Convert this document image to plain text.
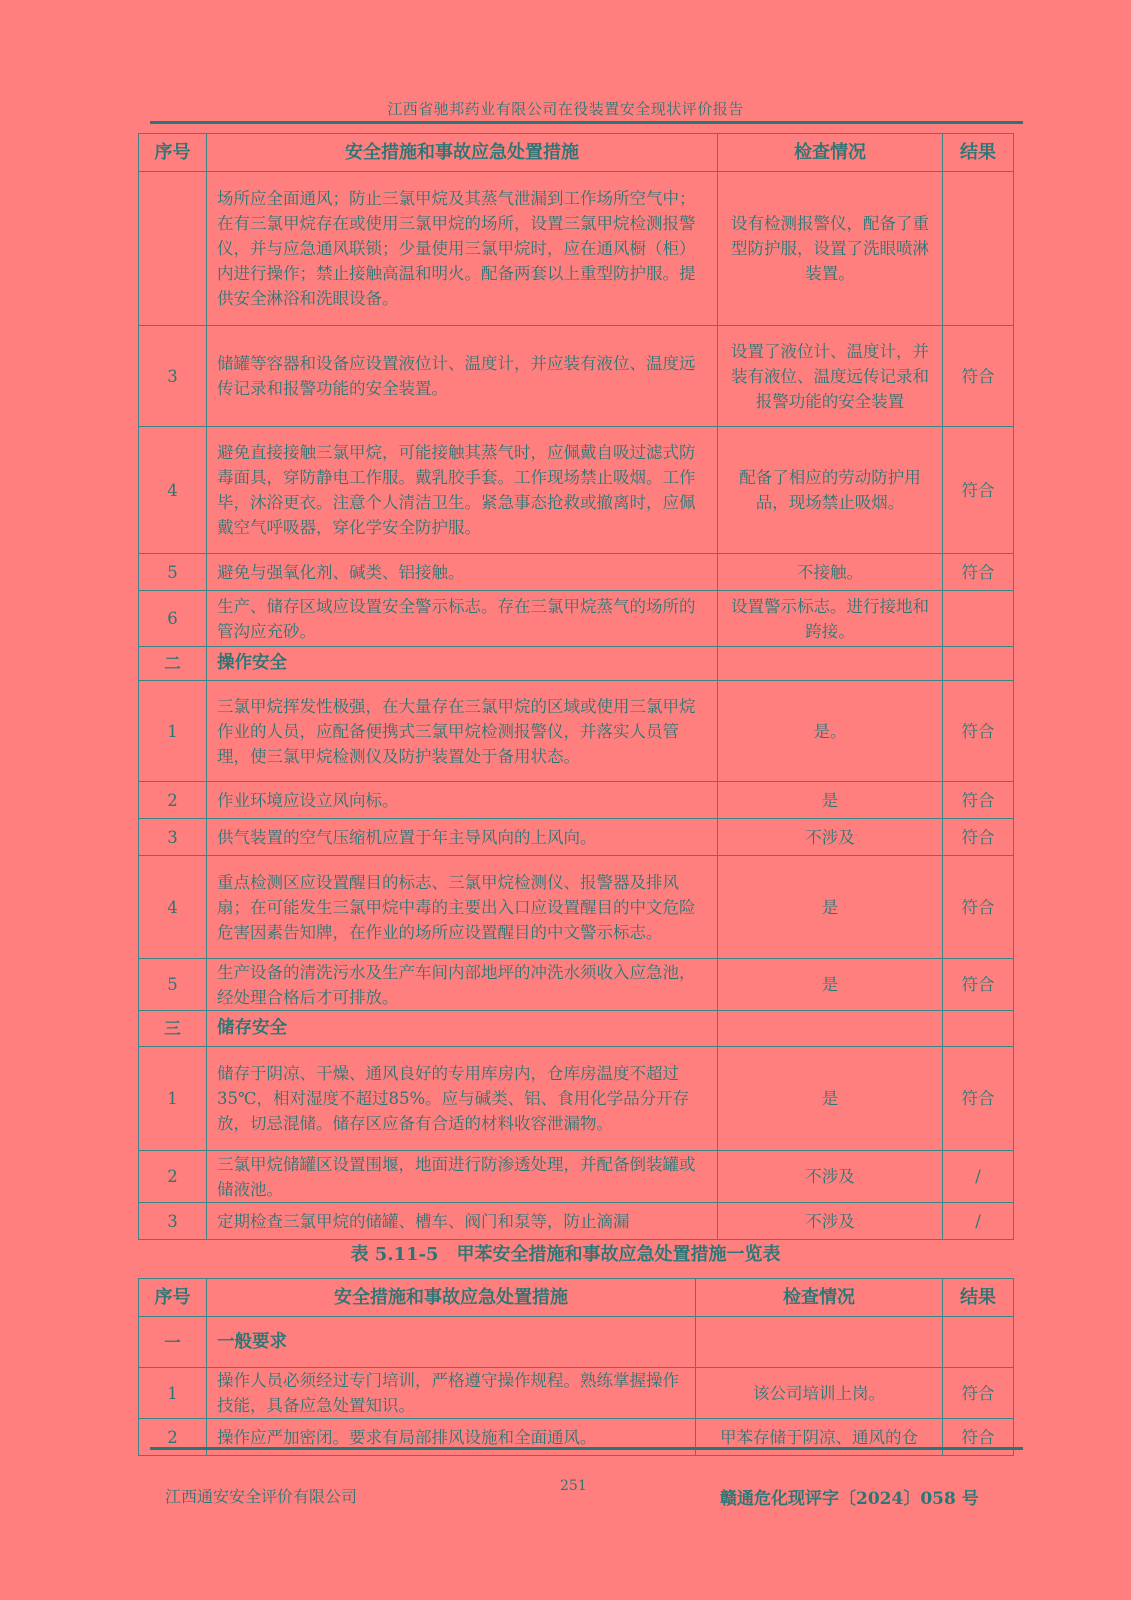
江西省驰邦药业有限公司在役装置安全现状评价报告
序号	安全措施和事故应急处置措施	检查情况	结果
	场所应全面通风；防止三氯甲烷及其蒸气泄漏到工作场所空气中；在有三氯甲烷存在或使用三氯甲烷的场所，设置三氯甲烷检测报警仪，并与应急通风联锁；少量使用三氯甲烷时，应在通风橱（柜）内进行操作；禁止接触高温和明火。配备两套以上重型防护服。提供安全淋浴和洗眼设备。	设有检测报警仪，配备了重型防护服，设置了洗眼喷淋装置。	
3	储罐等容器和设备应设置液位计、温度计，并应装有液位、温度远传记录和报警功能的安全装置。	设置了液位计、温度计，并装有液位、温度远传记录和报警功能的安全装置	符合
4	避免直接接触三氯甲烷，可能接触其蒸气时，应佩戴自吸过滤式防毒面具，穿防静电工作服。戴乳胶手套。工作现场禁止吸烟。工作毕，沐浴更衣。注意个人清洁卫生。紧急事态抢救或撤离时，应佩戴空气呼吸器，穿化学安全防护服。	配备了相应的劳动防护用品，现场禁止吸烟。	符合
5	避免与强氧化剂、碱类、铝接触。	不接触。	符合
6	生产、储存区域应设置安全警示标志。存在三氯甲烷蒸气的场所的管沟应充砂。	设置警示标志。进行接地和跨接。	
二	操作安全		
1	三氯甲烷挥发性极强，在大量存在三氯甲烷的区域或使用三氯甲烷作业的人员，应配备便携式三氯甲烷检测报警仪，并落实人员管理，使三氯甲烷检测仪及防护装置处于备用状态。	是。	符合
2	作业环境应设立风向标。	是	符合
3	供气装置的空气压缩机应置于年主导风向的上风向。	不涉及	符合
4	重点检测区应设置醒目的标志、三氯甲烷检测仪、报警器及排风扇；在可能发生三氯甲烷中毒的主要出入口应设置醒目的中文危险危害因素告知牌，在作业的场所应设置醒目的中文警示标志。	是	符合
5	生产设备的清洗污水及生产车间内部地坪的冲洗水须收入应急池，经处理合格后才可排放。	是	符合
三	储存安全		
1	储存于阴凉、干燥、通风良好的专用库房内，仓库房温度不超过35℃，相对湿度不超过85%。应与碱类、铝、食用化学品分开存放，切忌混储。储存区应备有合适的材料收容泄漏物。	是	符合
2	三氯甲烷储罐区设置围堰，地面进行防渗透处理，并配备倒装罐或储液池。	不涉及	/
3	定期检查三氯甲烷的储罐、槽车、阀门和泵等，防止滴漏	不涉及	/
表 5.11-5　甲苯安全措施和事故应急处置措施一览表
序号	安全措施和事故应急处置措施	检查情况	结果
一	一般要求		
1	操作人员必须经过专门培训，严格遵守操作规程。熟练掌握操作技能，具备应急处置知识。	该公司培训上岗。	符合
2	操作应严加密闭。要求有局部排风设施和全面通风。	甲苯存储于阴凉、通风的仓	符合
江西通安安全评价有限公司
251
赣通危化现评字〔2024〕058 号
